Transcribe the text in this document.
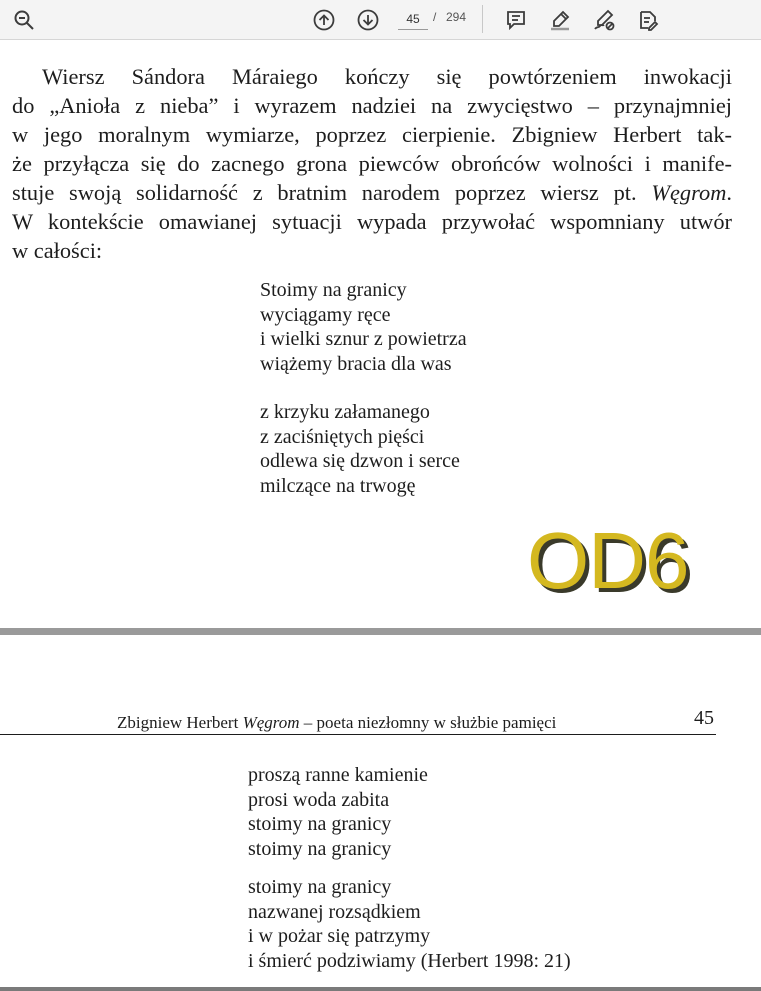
45
/ 294
Wiersz Sándora Máraiego kończy się powtórzeniem inwokacji
do „Anioła z nieba” i wyrazem nadziei na zwycięstwo – przynajmniej
w jego moralnym wymiarze, poprzez cierpienie. Zbigniew Herbert tak-
że przyłącza się do zacnego grona piewców obrońców wolności i manife-
stuje swoją solidarność z bratnim narodem poprzez wiersz pt. Węgrom.
W kontekście omawianej sytuacji wypada przywołać wspomniany utwór
w całości:
Stoimy na granicy
wyciągamy ręce
i wielki sznur z powietrza
wiążemy bracia dla was
z krzyku załamanego
z zaciśniętych pięści
odlewa się dzwon i serce
milczące na trwogę
OD6
Zbigniew Herbert Węgrom – poeta niezłomny w służbie pamięci	45
proszą ranne kamienie
prosi woda zabita
stoimy na granicy
stoimy na granicy
stoimy na granicy
nazwanej rozsądkiem
i w pożar się patrzymy
i śmierć podziwiamy (Herbert 1998: 21)
